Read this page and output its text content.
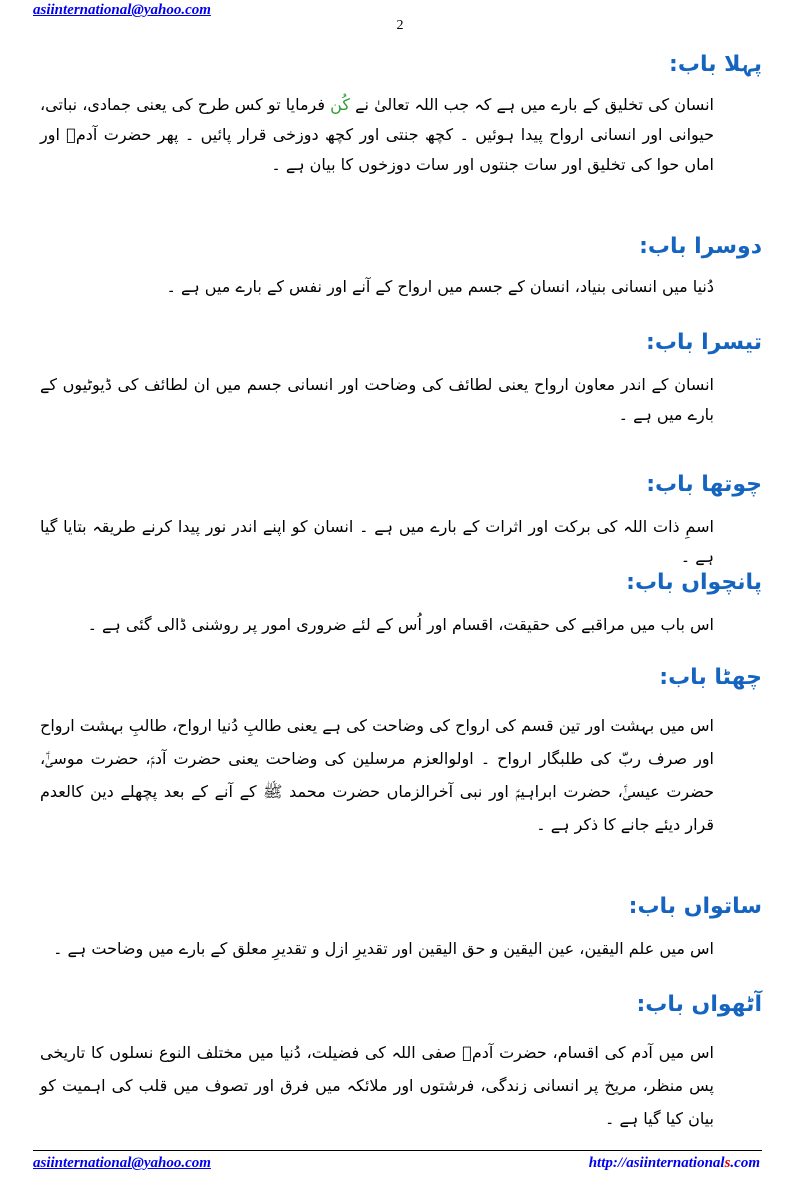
asiinternational@yahoo.com
2
پہلا باب:

انسان کی تخلیق کے بارے میں ہے کہ جب اللہ تعالیٰ نے کُن فرمایا تو کس طرح کی یعنی جمادی، نباتی، حیوانی اور انسانی ارواح پیدا ہوئیں ۔ کچھ جنتی اور کچھ دوزخی قرار پائیں ۔ پھر حضرت آدمؑ اور اماں حوا کی تخلیق اور سات جنتوں اور سات دوزخوں کا بیان ہے ۔

دوسرا باب:

دُنیا میں انسانی بنیاد، انسان کے جسم میں ارواح کے آنے اور نفس کے بارے میں ہے ۔

تیسرا باب:

انسان کے اندر معاون ارواح یعنی لطائف کی وضاحت اور انسانی جسم میں ان لطائف کی ڈیوٹیوں کے بارے میں ہے ۔

چوتھا باب:

اسمِ ذات اللہ کی برکت اور اثرات کے بارے میں ہے ۔ انسان کو اپنے اندر نور پیدا کرنے طریقہ بتایا گیا ہے ۔

پانچواں باب:

اس باب میں مراقبے کی حقیقت، اقسام اور اُس کے لئے ضروری امور پر روشنی ڈالی گئی ہے ۔

چھٹا باب:

اس میں بہشت اور تین قسم کی ارواح کی وضاحت کی ہے یعنی طالبِ دُنیا ارواح، طالبِ بہشت ارواح اور صرف ربّ کی طلبگار ارواح ۔ اولوالعزم مرسلین کی وضاحت یعنی حضرت آدمؑ، حضرت موسیٰؑ، حضرت عیسیٰؑ، حضرت ابراہیمؑ اور نبی آخرالزماں حضرت محمد ﷺ کے آنے کے بعد پچھلے دین کالعدم قرار دیئے جانے کا ذکر ہے ۔

ساتواں باب:

اس میں علم الیقین، عین الیقین و حق الیقین اور تقدیرِ ازل و تقدیرِ معلق کے بارے میں وضاحت ہے ۔

آٹھواں باب:

اس میں آدم کی اقسام، حضرت آدمؑ صفی اللہ کی فضیلت، دُنیا میں مختلف النوع نسلوں کا تاریخی پس منظر، مریخ پر انسانی زندگی، فرشتوں اور ملائکہ میں فرق اور تصوف میں قلب کی اہمیت کو بیان کیا گیا ہے ۔

asiinternational@yahoo.com	http://asiinternationals.com
